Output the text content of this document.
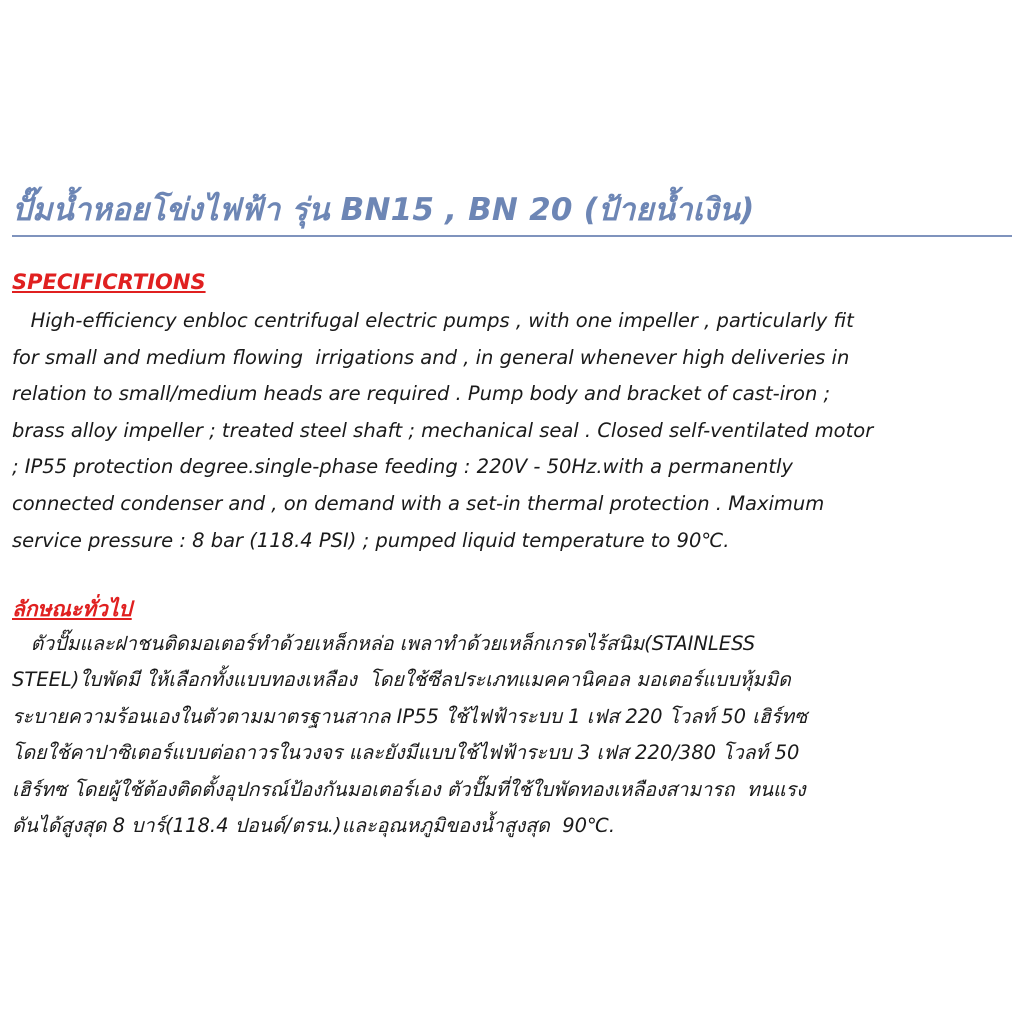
ปั๊มน้ำหอยโข่งไฟฟ้า รุ่น BN15 , BN 20 (ป้ายน้ำเงิน)
SPECIFICRTIONS
High-efficiency enbloc centrifugal electric pumps , with one impeller , particularly fit
for small and medium flowing  irrigations and , in general whenever high deliveries in
relation to small/medium heads are required . Pump body and bracket of cast-iron ;
brass alloy impeller ; treated steel shaft ; mechanical seal . Closed self-ventilated motor
; IP55 protection degree.single-phase feeding : 220V - 50Hz.with a permanently
connected condenser and , on demand with a set-in thermal protection . Maximum
service pressure : 8 bar (118.4 PSI) ; pumped liquid temperature to 90℃.
ลักษณะทั่วไป
ตัวปั๊มและฝาชนติดมอเตอร์ทำด้วยเหล็กหล่อ เพลาทำด้วยเหล็กเกรดไร้สนิม(STAINLESS
STEEL)ใบพัดมี ให้เลือกทั้งแบบทองเหลือง  โดยใช้ซีลประเภทแมคคานิคอล มอเตอร์แบบหุ้มมิด
ระบายความร้อนเองในตัวตามมาตรฐานสากล IP55 ใช้ไฟฟ้าระบบ 1 เฟส 220 โวลท์ 50 เฮิร์ทซ
โดยใช้คาปาซิเตอร์แบบต่อถาวรในวงจร และยังมีแบบใช้ไฟฟ้าระบบ 3 เฟส 220/380 โวลท์ 50
เฮิร์ทซ โดยผู้ใช้ต้องติดตั้งอุปกรณ์ป้องกันมอเตอร์เอง ตัวปั๊มที่ใช้ใบพัดทองเหลืองสามารถ  ทนแรง
ดันได้สูงสุด 8 บาร์(118.4 ปอนด์/ตรน.)และอุณหภูมิของน้ำสูงสุด  90℃.
